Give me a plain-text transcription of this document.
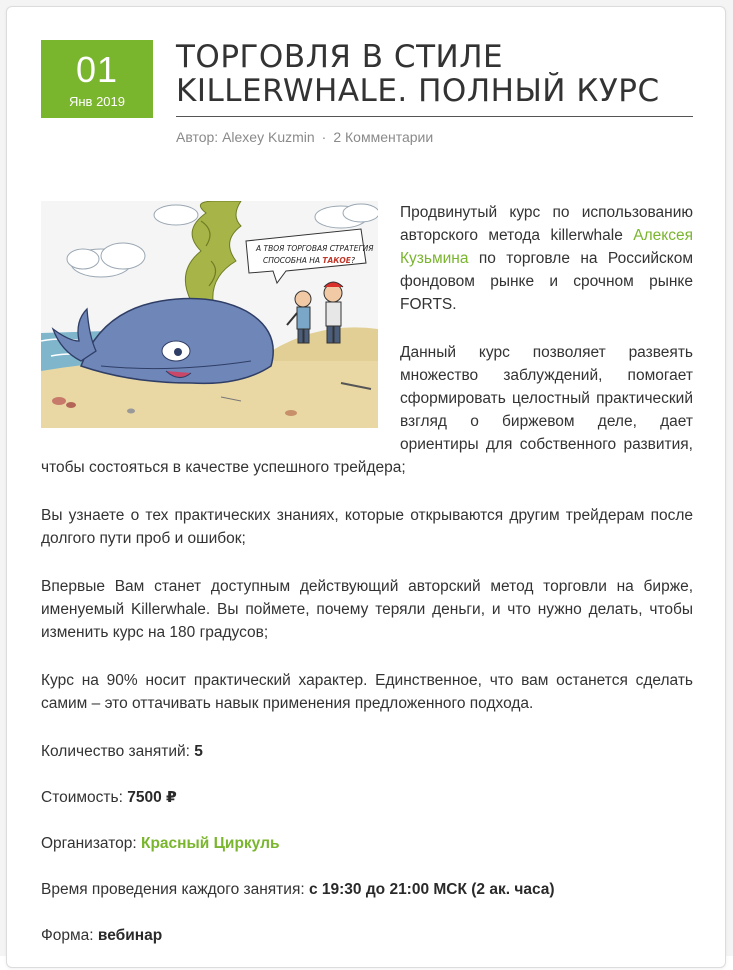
01
Янв 2019
ТОРГОВЛЯ В СТИЛЕ KILLERWHALE. ПОЛНЫЙ КУРС
Автор: Alexey Kuzmin · 2 Комментарии
А ТВОЯ ТОРГОВАЯ СТРАТЕГИЯ
СПОСОБНА НА ТАКОЕ?

Продвинутый курс по использованию авторского метода killerwhale Алексея Кузьмина по торговле на Российском фондовом рынке и срочном рынке FORTS.

Данный курс позволяет развеять множество заблуждений, помогает сформировать целостный практический взгляд о биржевом деле, дает ориентиры для собственного развития, чтобы состояться в качестве успешного трейдера;

Вы узнаете о тех практических знаниях, которые открываются другим трейдерам после долгого пути проб и ошибок;

Впервые Вам станет доступным действующий авторский метод торговли на бирже, именуемый Killerwhale. Вы поймете, почему теряли деньги, и что нужно делать, чтобы изменить курс на 180 градусов;

Курс на 90% носит практический характер. Единственное, что вам останется сделать самим – это оттачивать навык применения предложенного подхода.

Количество занятий: 5

Стоимость: 7500 ₽

Организатор: Красный Циркуль

Время проведения каждого занятия: с 19:30 до 21:00 МСК (2 ак. часа)

Форма: вебинар
